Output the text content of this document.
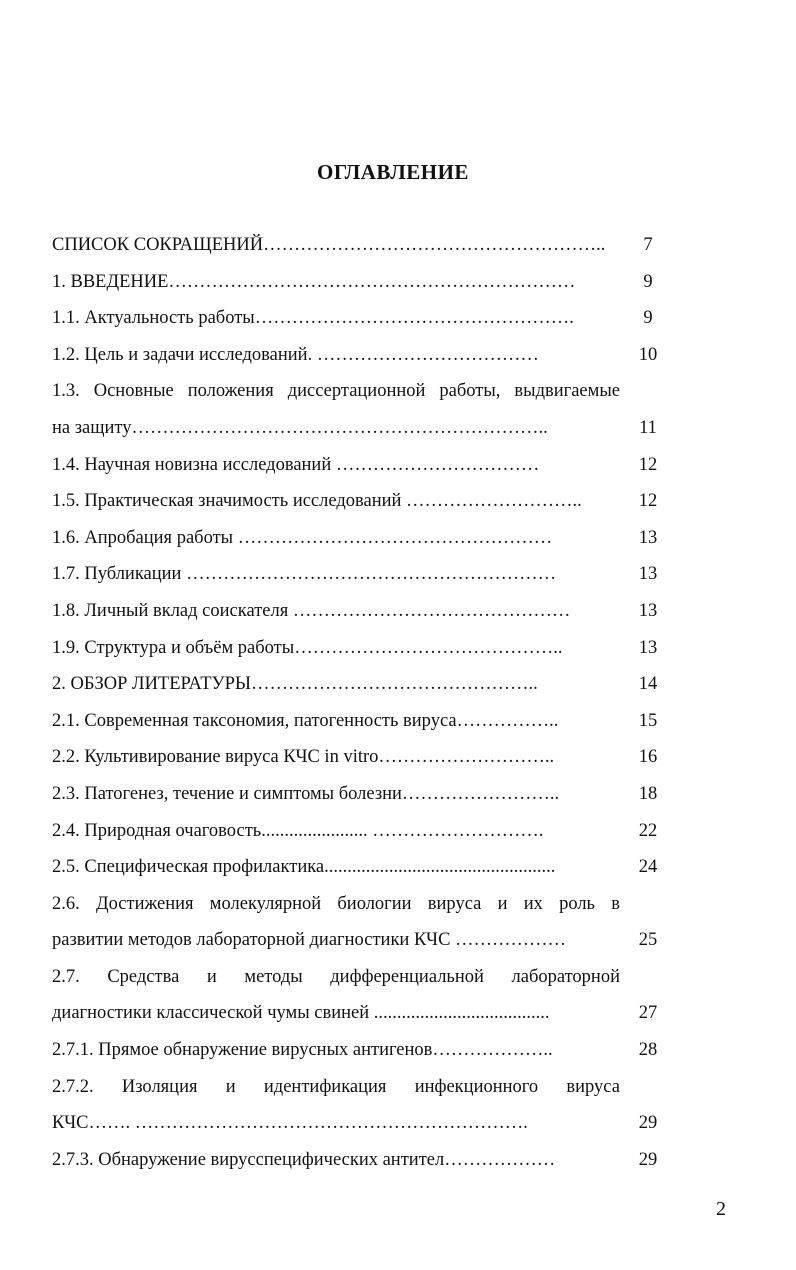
ОГЛАВЛЕНИЕ
СПИСОК СОКРАЩЕНИЙ………………………………………………..	7
1. ВВЕДЕНИЕ…………………………………………………………	9
1.1. Актуальность работы…………………………………………….	9
1.2. Цель и задачи исследований. ………………………………	10
1.3. Основные положения диссертационной работы, выдвигаемые
на защиту…………………………………………………………..	11
1.4. Научная новизна исследований ……………………………	12
1.5. Практическая значимость исследований ………………………..	12
1.6. Апробация работы ……………………………………………	13
1.7. Публикации ……………………………………………………	13
1.8. Личный вклад соискателя ………………………………………	13
1.9. Структура и объём работы……………………………………..	13
2. ОБЗОР ЛИТЕРАТУРЫ………………………………………..	14
2.1. Современная таксономия, патогенность вируса……………..	15
2.2. Культивирование вируса КЧС in vitro………………………..	16
2.3. Патогенез, течение и симптомы болезни……………………..	18
2.4. Природная очаговость....................... ……………………….	22
2.5. Специфическая профилактика..................................................	24
2.6. Достижения молекулярной биологии вируса и их роль в
развитии методов лабораторной диагностики КЧС ………………	25
2.7. Средства и методы дифференциальной лабораторной
диагностики классической чумы свиней ......................................	27
2.7.1. Прямое обнаружение вирусных антигенов………………..	28
2.7.2. Изоляция и идентификация инфекционного вируса
КЧС……. ……………………………………………………….	29
2.7.3. Обнаружение вирусспецифических антител………………	29
2
